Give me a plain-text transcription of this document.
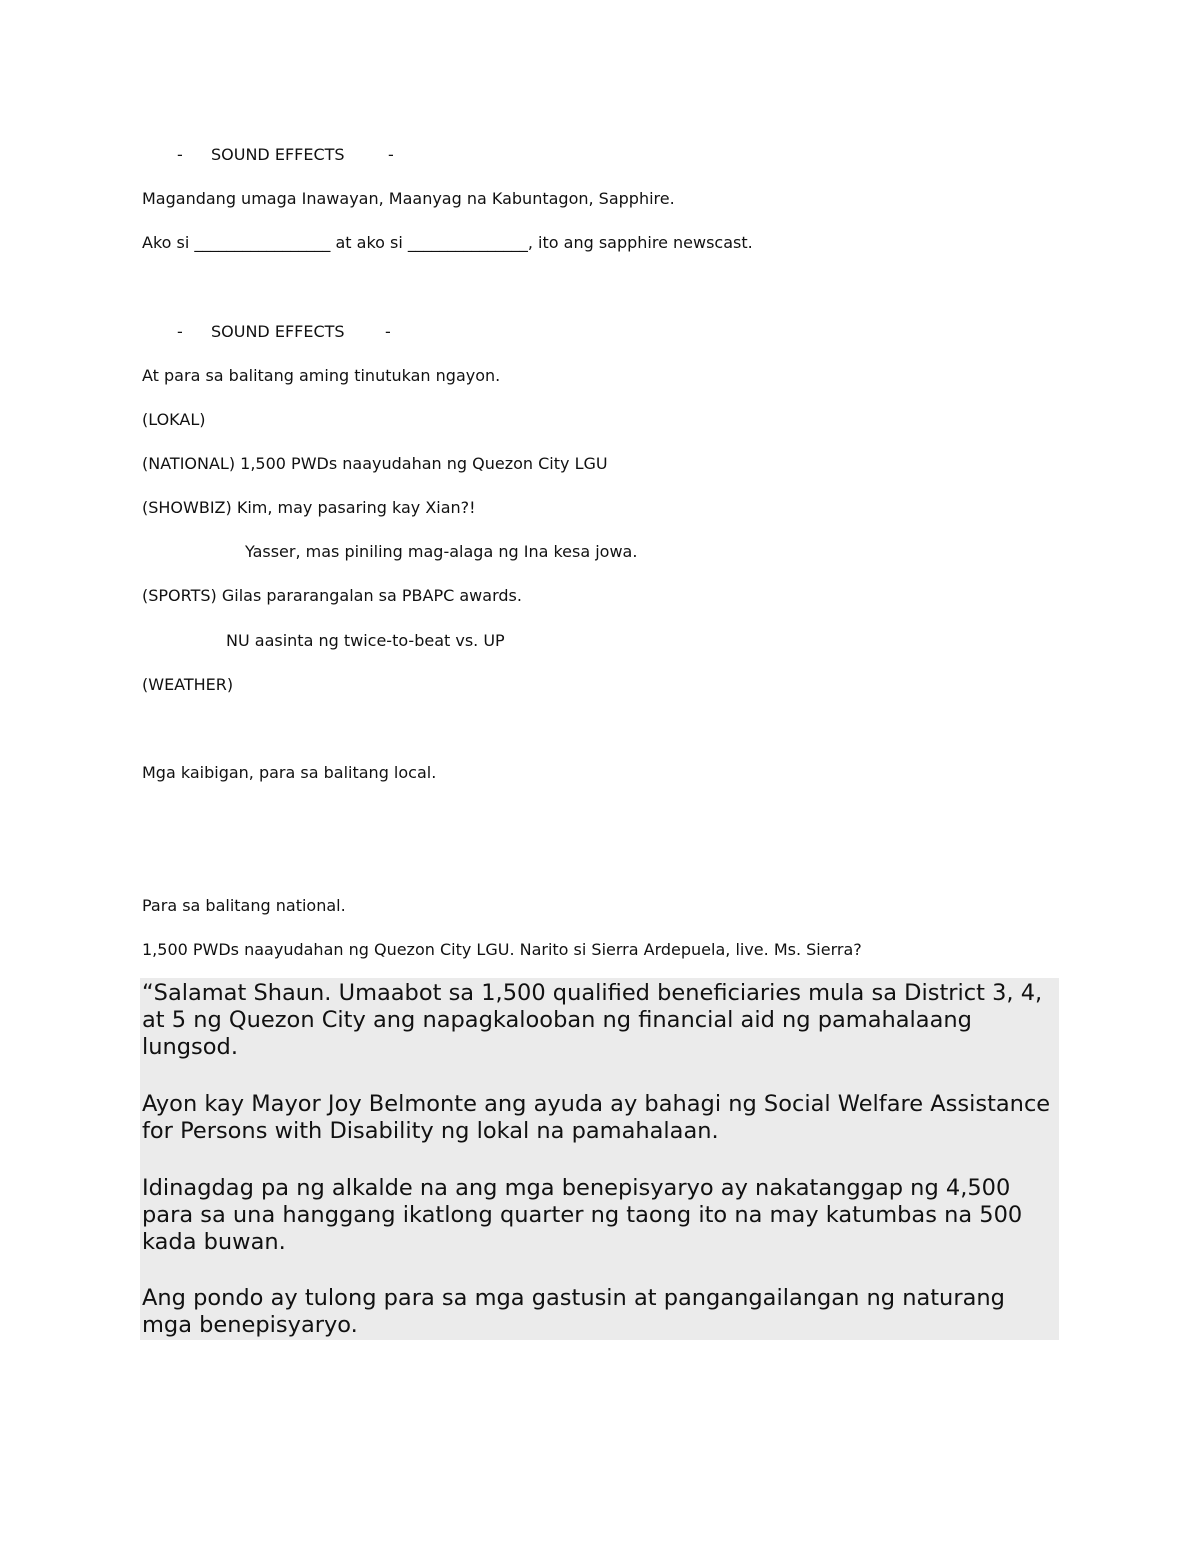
- SOUND EFFECTS	-
Magandang umaga Inawayan, Maanyag na Kabuntagon, Sapphire.
Ako si _________________ at ako si _______________, ito ang sapphire newscast.
- SOUND EFFECTS	-
At para sa balitang aming tinutukan ngayon.
(LOKAL)
(NATIONAL) 1,500 PWDs naayudahan ng Quezon City LGU
(SHOWBIZ) Kim, may pasaring kay Xian?!
Yasser, mas piniling mag-alaga ng Ina kesa jowa.
(SPORTS) Gilas pararangalan sa PBAPC awards.
NU aasinta ng twice-to-beat vs. UP
(WEATHER)
Mga kaibigan, para sa balitang local.
Para sa balitang national.
1,500 PWDs naayudahan ng Quezon City LGU. Narito si Sierra Ardepuela, live. Ms. Sierra?

“Salamat Shaun. Umaabot sa 1,500 qualified beneficiaries mula sa District 3, 4, at 5 ng Quezon City ang napagkalooban ng financial aid ng pamahalaang lungsod.

Ayon kay Mayor Joy Belmonte ang ayuda ay bahagi ng Social Welfare Assistance for Persons with Disability ng lokal na pamahalaan.

Idinagdag pa ng alkalde na ang mga benepisyaryo ay nakatanggap ng 4,500 para sa una hanggang ikatlong quarter ng taong ito na may katumbas na 500 kada buwan.

Ang pondo ay tulong para sa mga gastusin at pangangailangan ng naturang mga benepisyaryo.
